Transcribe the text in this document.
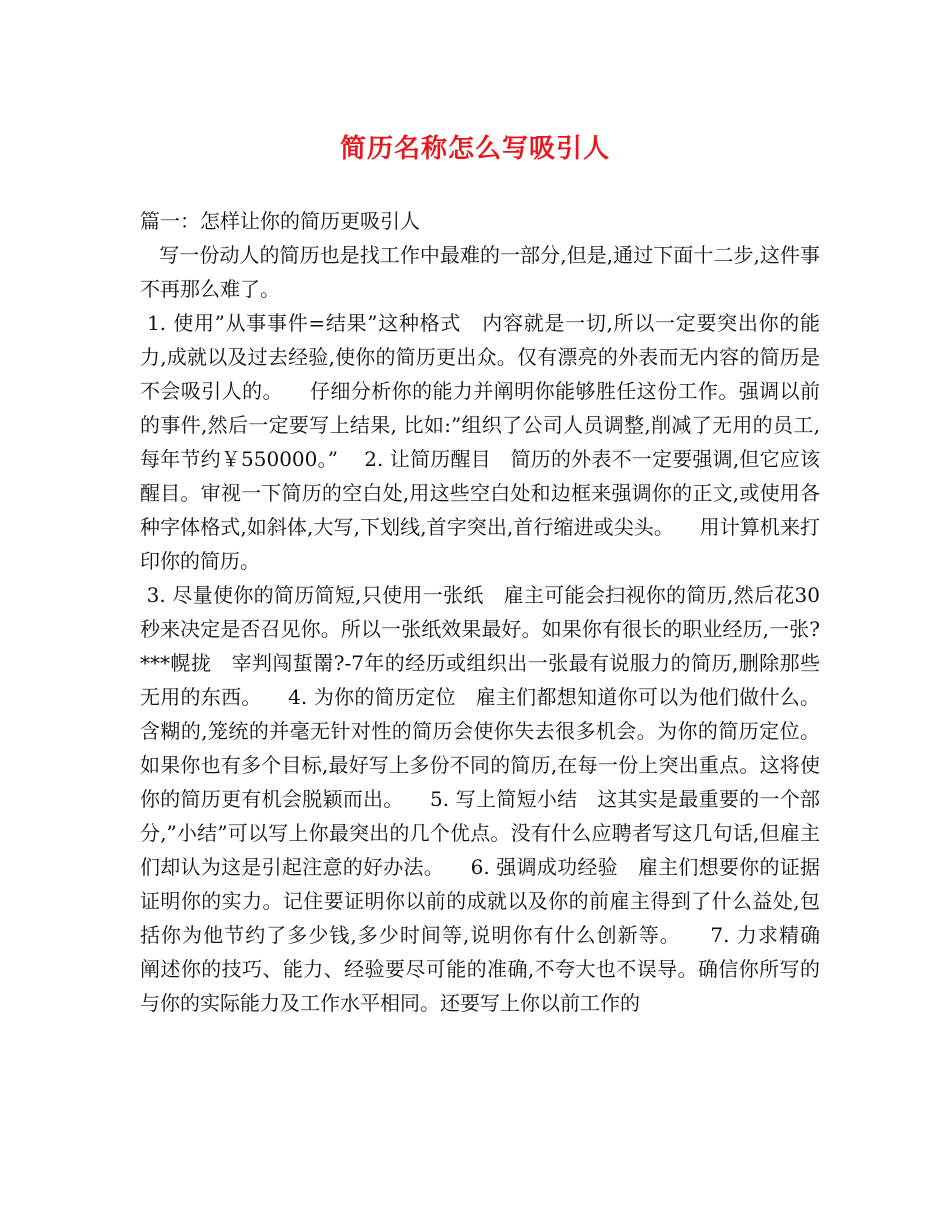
简历名称怎么写吸引人

篇一：怎样让你的简历更吸引人

写一份动人的简历也是找工作中最难的一部分,但是,通过下面十二步,这件事不再那么难了。

1. 使用”从事事件=结果”这种格式   内容就是一切,所以一定要突出你的能力,成就以及过去经验,使你的简历更出众。仅有漂亮的外表而无内容的简历是不会吸引人的。    仔细分析你的能力并阐明你能够胜任这份工作。强调以前的事件,然后一定要写上结果, 比如:”组织了公司人员调整,削减了无用的员工,每年节约￥550000。”    2. 让简历醒目   简历的外表不一定要强调,但它应该醒目。审视一下简历的空白处,用这些空白处和边框来强调你的正文,或使用各种字体格式,如斜体,大写,下划线,首字突出,首行缩进或尖头。    用计算机来打印你的简历。

3. 尽量使你的简历简短,只使用一张纸   雇主可能会扫视你的简历,然后花30秒来决定是否召见你。所以一张纸效果最好。如果你有很长的职业经历,一张?***幌拢   宰判闯蜇罱?-7年的经历或组织出一张最有说服力的简历,删除那些无用的东西。    4. 为你的简历定位   雇主们都想知道你可以为他们做什么。含糊的,笼统的并毫无针对性的简历会使你失去很多机会。为你的简历定位。如果你也有多个目标,最好写上多份不同的简历,在每一份上突出重点。这将使你的简历更有机会脱颖而出。    5. 写上简短小结   这其实是最重要的一个部分,”小结”可以写上你最突出的几个优点。没有什么应聘者写这几句话,但雇主们却认为这是引起注意的好办法。    6. 强调成功经验   雇主们想要你的证据证明你的实力。记住要证明你以前的成就以及你的前雇主得到了什么益处,包括你为他节约了多少钱,多少时间等,说明你有什么创新等。    7. 力求精确   阐述你的技巧、能力、经验要尽可能的准确,不夸大也不误导。确信你所写的与你的实际能力及工作水平相同。还要写上你以前工作的
